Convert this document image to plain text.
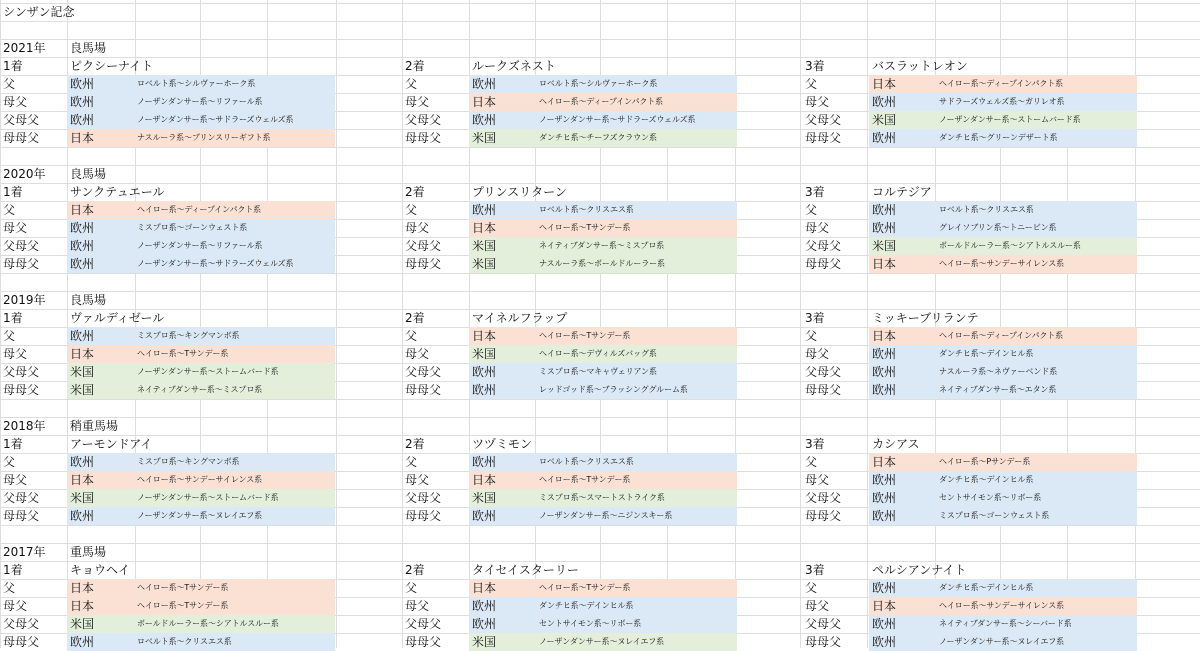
シンザン記念
2021年	良馬場
1着	ピクシーナイト
父	欧州	ロベルト系～シルヴァーホーク系
母父	欧州	ノーザンダンサー系～リファール系
父母父	欧州	ノーザンダンサー系～サドラーズウェルズ系
母母父	日本	ナスルーラ系～プリンスリーギフト系
2着	ルークズネスト
父	欧州	ロベルト系～シルヴァーホーク系
母父	日本	ヘイロー系～ディープインパクト系
父母父	欧州	ノーザンダンサー系～サドラーズウェルズ系
母母父	米国	ダンチヒ系～チーフズクラウン系
3着	バスラットレオン
父	日本	ヘイロー系～ディープインパクト系
母父	欧州	サドラーズウェルズ系～ガリレオ系
父母父	米国	ノーザンダンサー系～ストームバード系
母母父	欧州	ダンチヒ系～グリーンデザート系
2020年	良馬場
1着	サンクテュエール
父	日本	ヘイロー系～ディープインパクト系
母父	欧州	ミスプロ系～ゴーンウェスト系
父母父	欧州	ノーザンダンサー系～リファール系
母母父	欧州	ノーザンダンサー系～サドラーズウェルズ系
2着	プリンスリターン
父	欧州	ロベルト系～クリスエス系
母父	日本	ヘイロー系～Tサンデー系
父母父	米国	ネイティブダンサー系～ミスプロ系
母母父	米国	ナスルーラ系～ボールドルーラー系
3着	コルテジア
父	欧州	ロベルト系～クリスエス系
母父	欧州	グレイソブリン系～トニービン系
父母父	米国	ボールドルーラー系～シアトルスルー系
母母父	日本	ヘイロー系～サンデーサイレンス系
2019年	良馬場
1着	ヴァルディゼール
父	欧州	ミスプロ系～キングマンボ系
母父	日本	ヘイロー系～Tサンデー系
父母父	米国	ノーザンダンサー系～ストームバード系
母母父	米国	ネイティブダンサー系～ミスプロ系
2着	マイネルフラップ
父	日本	ヘイロー系～Tサンデー系
母父	米国	ヘイロー系～デヴィルズバッグ系
父母父	欧州	ミスプロ系～マキャヴェリアン系
母母父	欧州	レッドゴッド系～ブラッシンググルーム系
3着	ミッキーブリランテ
父	日本	ヘイロー系～ディープインパクト系
母父	欧州	ダンチヒ系～デインヒル系
父母父	欧州	ナスルーラ系～ネヴァーベンド系
母母父	欧州	ネイティブダンサー系～エタン系
2018年	稍重馬場
1着	アーモンドアイ
父	欧州	ミスプロ系～キングマンボ系
母父	日本	ヘイロー系～サンデーサイレンス系
父母父	米国	ノーザンダンサー系～ストームバード系
母母父	欧州	ノーザンダンサー系～ヌレイエフ系
2着	ツヅミモン
父	欧州	ロベルト系～クリスエス系
母父	日本	ヘイロー系～Tサンデー系
父母父	米国	ミスプロ系～スマートストライク系
母母父	欧州	ノーザンダンサー系～ニジンスキー系
3着	カシアス
父	日本	ヘイロー系～Pサンデー系
母父	欧州	ダンチヒ系～デインヒル系
父母父	欧州	セントサイモン系～リボー系
母母父	欧州	ミスプロ系～ゴーンウェスト系
2017年	重馬場
1着	キョウヘイ
父	日本	ヘイロー系～Tサンデー系
母父	日本	ヘイロー系～Tサンデー系
父母父	米国	ボールドルーラー系～シアトルスルー系
母母父	欧州	ロベルト系～クリスエス系
2着	タイセイスターリー
父	日本	ヘイロー系～Tサンデー系
母父	欧州	ダンチヒ系～デインヒル系
父母父	欧州	セントサイモン系～リボー系
母母父	米国	ノーザンダンサー系～ヌレイエフ系
3着	ペルシアンナイト
父	欧州	ダンチヒ系～デインヒル系
母父	日本	ヘイロー系～サンデーサイレンス系
父母父	欧州	ネイティブダンサー系～シーバード系
母母父	欧州	ノーザンダンサー系～ヌレイエフ系
